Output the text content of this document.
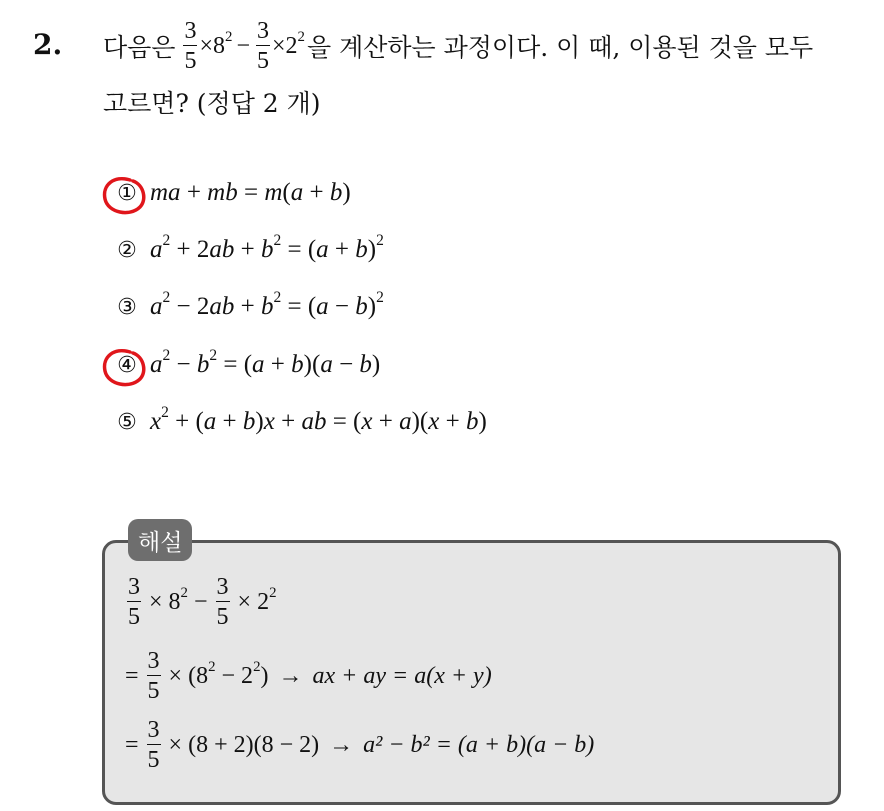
2. 다음은 $\frac{3}{5} \times 8^2 - \frac{3}{5} \times 2^2$ 을 계산하는 과정이다. 이 때, 이용된 것을 모두
고르면? (정답 2 개)
① ma + mb = m ( a + b )
② $a^2 + 2$ ab + $b^2$ = ( a + b )$^2$
③ $a^2 - 2$ ab + $b^2$ = ( a − b )$^2$
④ $a^2 - b^2$ = ( a + b )( a − b )
⑤ $x^2$ + ( a + b ) x + ab = ( x + a )( x + b )
해설
$\frac{3}{5} \times 8^2 - \frac{3}{5} \times 2^2$
= $\frac{3}{5} \times (8^2 - 2^2$ ) → ax + ay = a(x + y)
= $\frac{3}{5} \times (8 + 2)(8 - 2) \to a^2 - b^2 = (a + b)(a - b)$
